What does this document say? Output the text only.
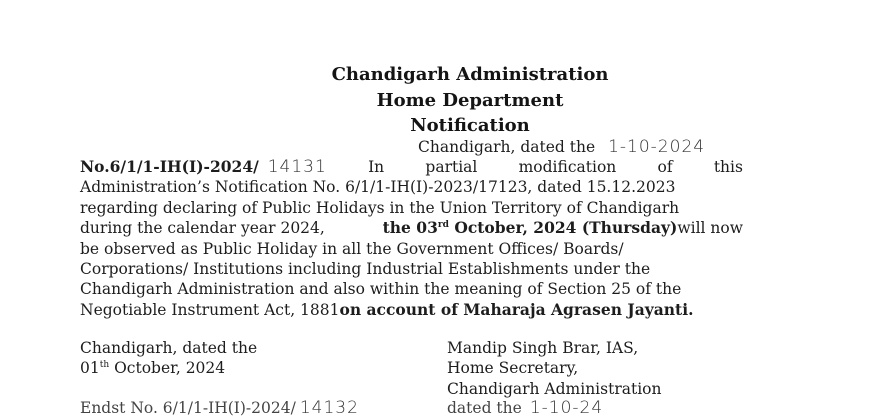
Chandigarh Administration
Home Department
Notification
Chandigarh, dated the 1-10-2024
No.6/1/1-IH(I)-2024/ 14131	In	partial	modification	of	this
Administration’s Notification No. 6/1/1-IH(I)-2023/17123, dated 15.12.2023
regarding declaring of Public Holidays in the Union Territory of Chandigarh
during the calendar year 2024,	the 03rd October, 2024 (Thursday)will now
be observed as Public Holiday in all the Government Offices/ Boards/
Corporations/ Institutions including Industrial Establishments under the
Chandigarh Administration and also within the meaning of Section 25 of the
Negotiable Instrument Act, 1881 on account of Maharaja Agrasen Jayanti.
Chandigarh, dated the
01th October, 2024
Mandip Singh Brar, IAS,
Home Secretary,
Chandigarh Administration
Endst No. 6/1/1-IH(I)-2024/ 14132	dated the 1-10-24
